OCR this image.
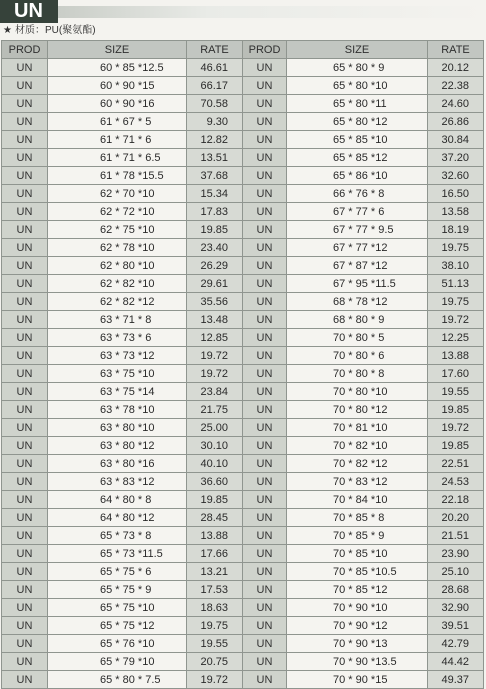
UN
★ 材质：PU(聚氨酯)
PROD	SIZE	RATE	PROD	SIZE	RATE
UN	60 * 85 *12.5	46.61	UN	65 * 80 * 9	20.12
UN	60 * 90 *15	66.17	UN	65 * 80 *10	22.38
UN	60 * 90 *16	70.58	UN	65 * 80 *11	24.60
UN	61 * 67 * 5	9.30	UN	65 * 80 *12	26.86
UN	61 * 71 * 6	12.82	UN	65 * 85 *10	30.84
UN	61 * 71 * 6.5	13.51	UN	65 * 85 *12	37.20
UN	61 * 78 *15.5	37.68	UN	65 * 86 *10	32.60
UN	62 * 70 *10	15.34	UN	66 * 76 * 8	16.50
UN	62 * 72 *10	17.83	UN	67 * 77 * 6	13.58
UN	62 * 75 *10	19.85	UN	67 * 77 * 9.5	18.19
UN	62 * 78 *10	23.40	UN	67 * 77 *12	19.75
UN	62 * 80 *10	26.29	UN	67 * 87 *12	38.10
UN	62 * 82 *10	29.61	UN	67 * 95 *11.5	51.13
UN	62 * 82 *12	35.56	UN	68 * 78 *12	19.75
UN	63 * 71 * 8	13.48	UN	68 * 80 * 9	19.72
UN	63 * 73 * 6	12.85	UN	70 * 80 * 5	12.25
UN	63 * 73 *12	19.72	UN	70 * 80 * 6	13.88
UN	63 * 75 *10	19.72	UN	70 * 80 * 8	17.60
UN	63 * 75 *14	23.84	UN	70 * 80 *10	19.55
UN	63 * 78 *10	21.75	UN	70 * 80 *12	19.85
UN	63 * 80 *10	25.00	UN	70 * 81 *10	19.72
UN	63 * 80 *12	30.10	UN	70 * 82 *10	19.85
UN	63 * 80 *16	40.10	UN	70 * 82 *12	22.51
UN	63 * 83 *12	36.60	UN	70 * 83 *12	24.53
UN	64 * 80 * 8	19.85	UN	70 * 84 *10	22.18
UN	64 * 80 *12	28.45	UN	70 * 85 * 8	20.20
UN	65 * 73 * 8	13.88	UN	70 * 85 * 9	21.51
UN	65 * 73 *11.5	17.66	UN	70 * 85 *10	23.90
UN	65 * 75 * 6	13.21	UN	70 * 85 *10.5	25.10
UN	65 * 75 * 9	17.53	UN	70 * 85 *12	28.68
UN	65 * 75 *10	18.63	UN	70 * 90 *10	32.90
UN	65 * 75 *12	19.75	UN	70 * 90 *12	39.51
UN	65 * 76 *10	19.55	UN	70 * 90 *13	42.79
UN	65 * 79 *10	20.75	UN	70 * 90 *13.5	44.42
UN	65 * 80 * 7.5	19.72	UN	70 * 90 *15	49.37
